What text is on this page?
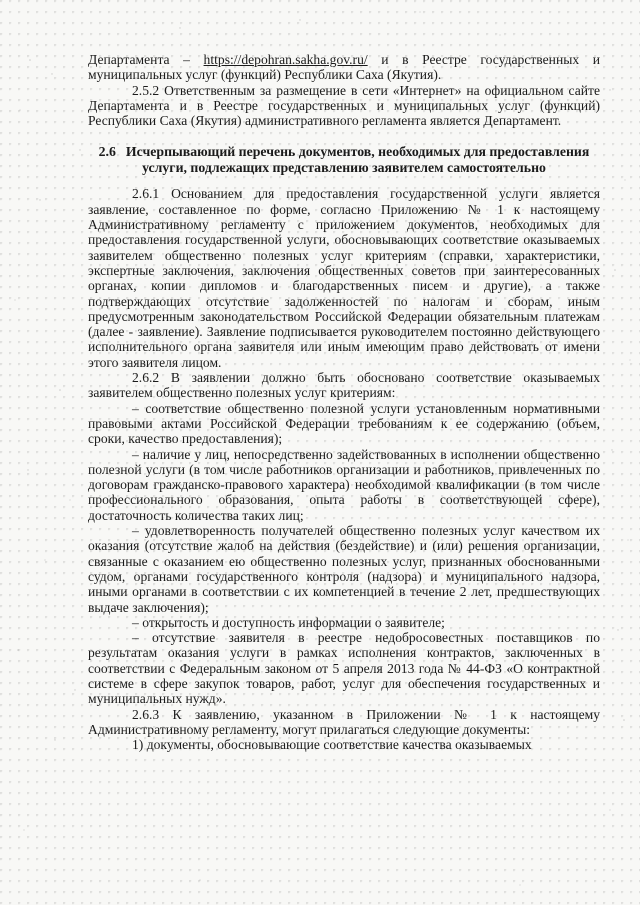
Департамента – https://depohran.sakha.gov.ru/ и в Реестре государственных и муниципальных услуг (функций) Республики Саха (Якутия).

2.5.2 Ответственным за размещение в сети «Интернет» на официальном сайте Департамента и в Реестре государственных и муниципальных услуг (функций) Республики Саха (Якутия) административного регламента является Департамент.

2.6 Исчерпывающий перечень документов, необходимых для предоставления услуги, подлежащих представлению заявителем самостоятельно

2.6.1 Основанием для предоставления государственной услуги является заявление, составленное по форме, согласно Приложению № 1 к настоящему Административному регламенту с приложением документов, необходимых для предоставления государственной услуги, обосновывающих соответствие оказываемых заявителем общественно полезных услуг критериям (справки, характеристики, экспертные заключения, заключения общественных советов при заинтересованных органах, копии дипломов и благодарственных писем и другие), а также подтверждающих отсутствие задолженностей по налогам и сборам, иным предусмотренным законодательством Российской Федерации обязательным платежам (далее - заявление). Заявление подписывается руководителем постоянно действующего исполнительного органа заявителя или иным имеющим право действовать от имени этого заявителя лицом.

2.6.2 В заявлении должно быть обосновано соответствие оказываемых заявителем общественно полезных услуг критериям:

– соответствие общественно полезной услуги установленным нормативными правовыми актами Российской Федерации требованиям к ее содержанию (объем, сроки, качество предоставления);

– наличие у лиц, непосредственно задействованных в исполнении общественно полезной услуги (в том числе работников организации и работников, привлеченных по договорам гражданско-правового характера) необходимой квалификации (в том числе профессионального образования, опыта работы в соответствующей сфере), достаточность количества таких лиц;

– удовлетворенность получателей общественно полезных услуг качеством их оказания (отсутствие жалоб на действия (бездействие) и (или) решения организации, связанные с оказанием ею общественно полезных услуг, признанных обоснованными судом, органами государственного контроля (надзора) и муниципального надзора, иными органами в соответствии с их компетенцией в течение 2 лет, предшествующих выдаче заключения);

– открытость и доступность информации о заявителе;

– отсутствие заявителя в реестре недобросовестных поставщиков по результатам оказания услуги в рамках исполнения контрактов, заключенных в соответствии с Федеральным законом от 5 апреля 2013 года № 44-ФЗ «О контрактной системе в сфере закупок товаров, работ, услуг для обеспечения государственных и муниципальных нужд».

2.6.3 К заявлению, указанном в Приложении № 1 к настоящему Административному регламенту, могут прилагаться следующие документы:

1) документы, обосновывающие соответствие качества оказываемых
